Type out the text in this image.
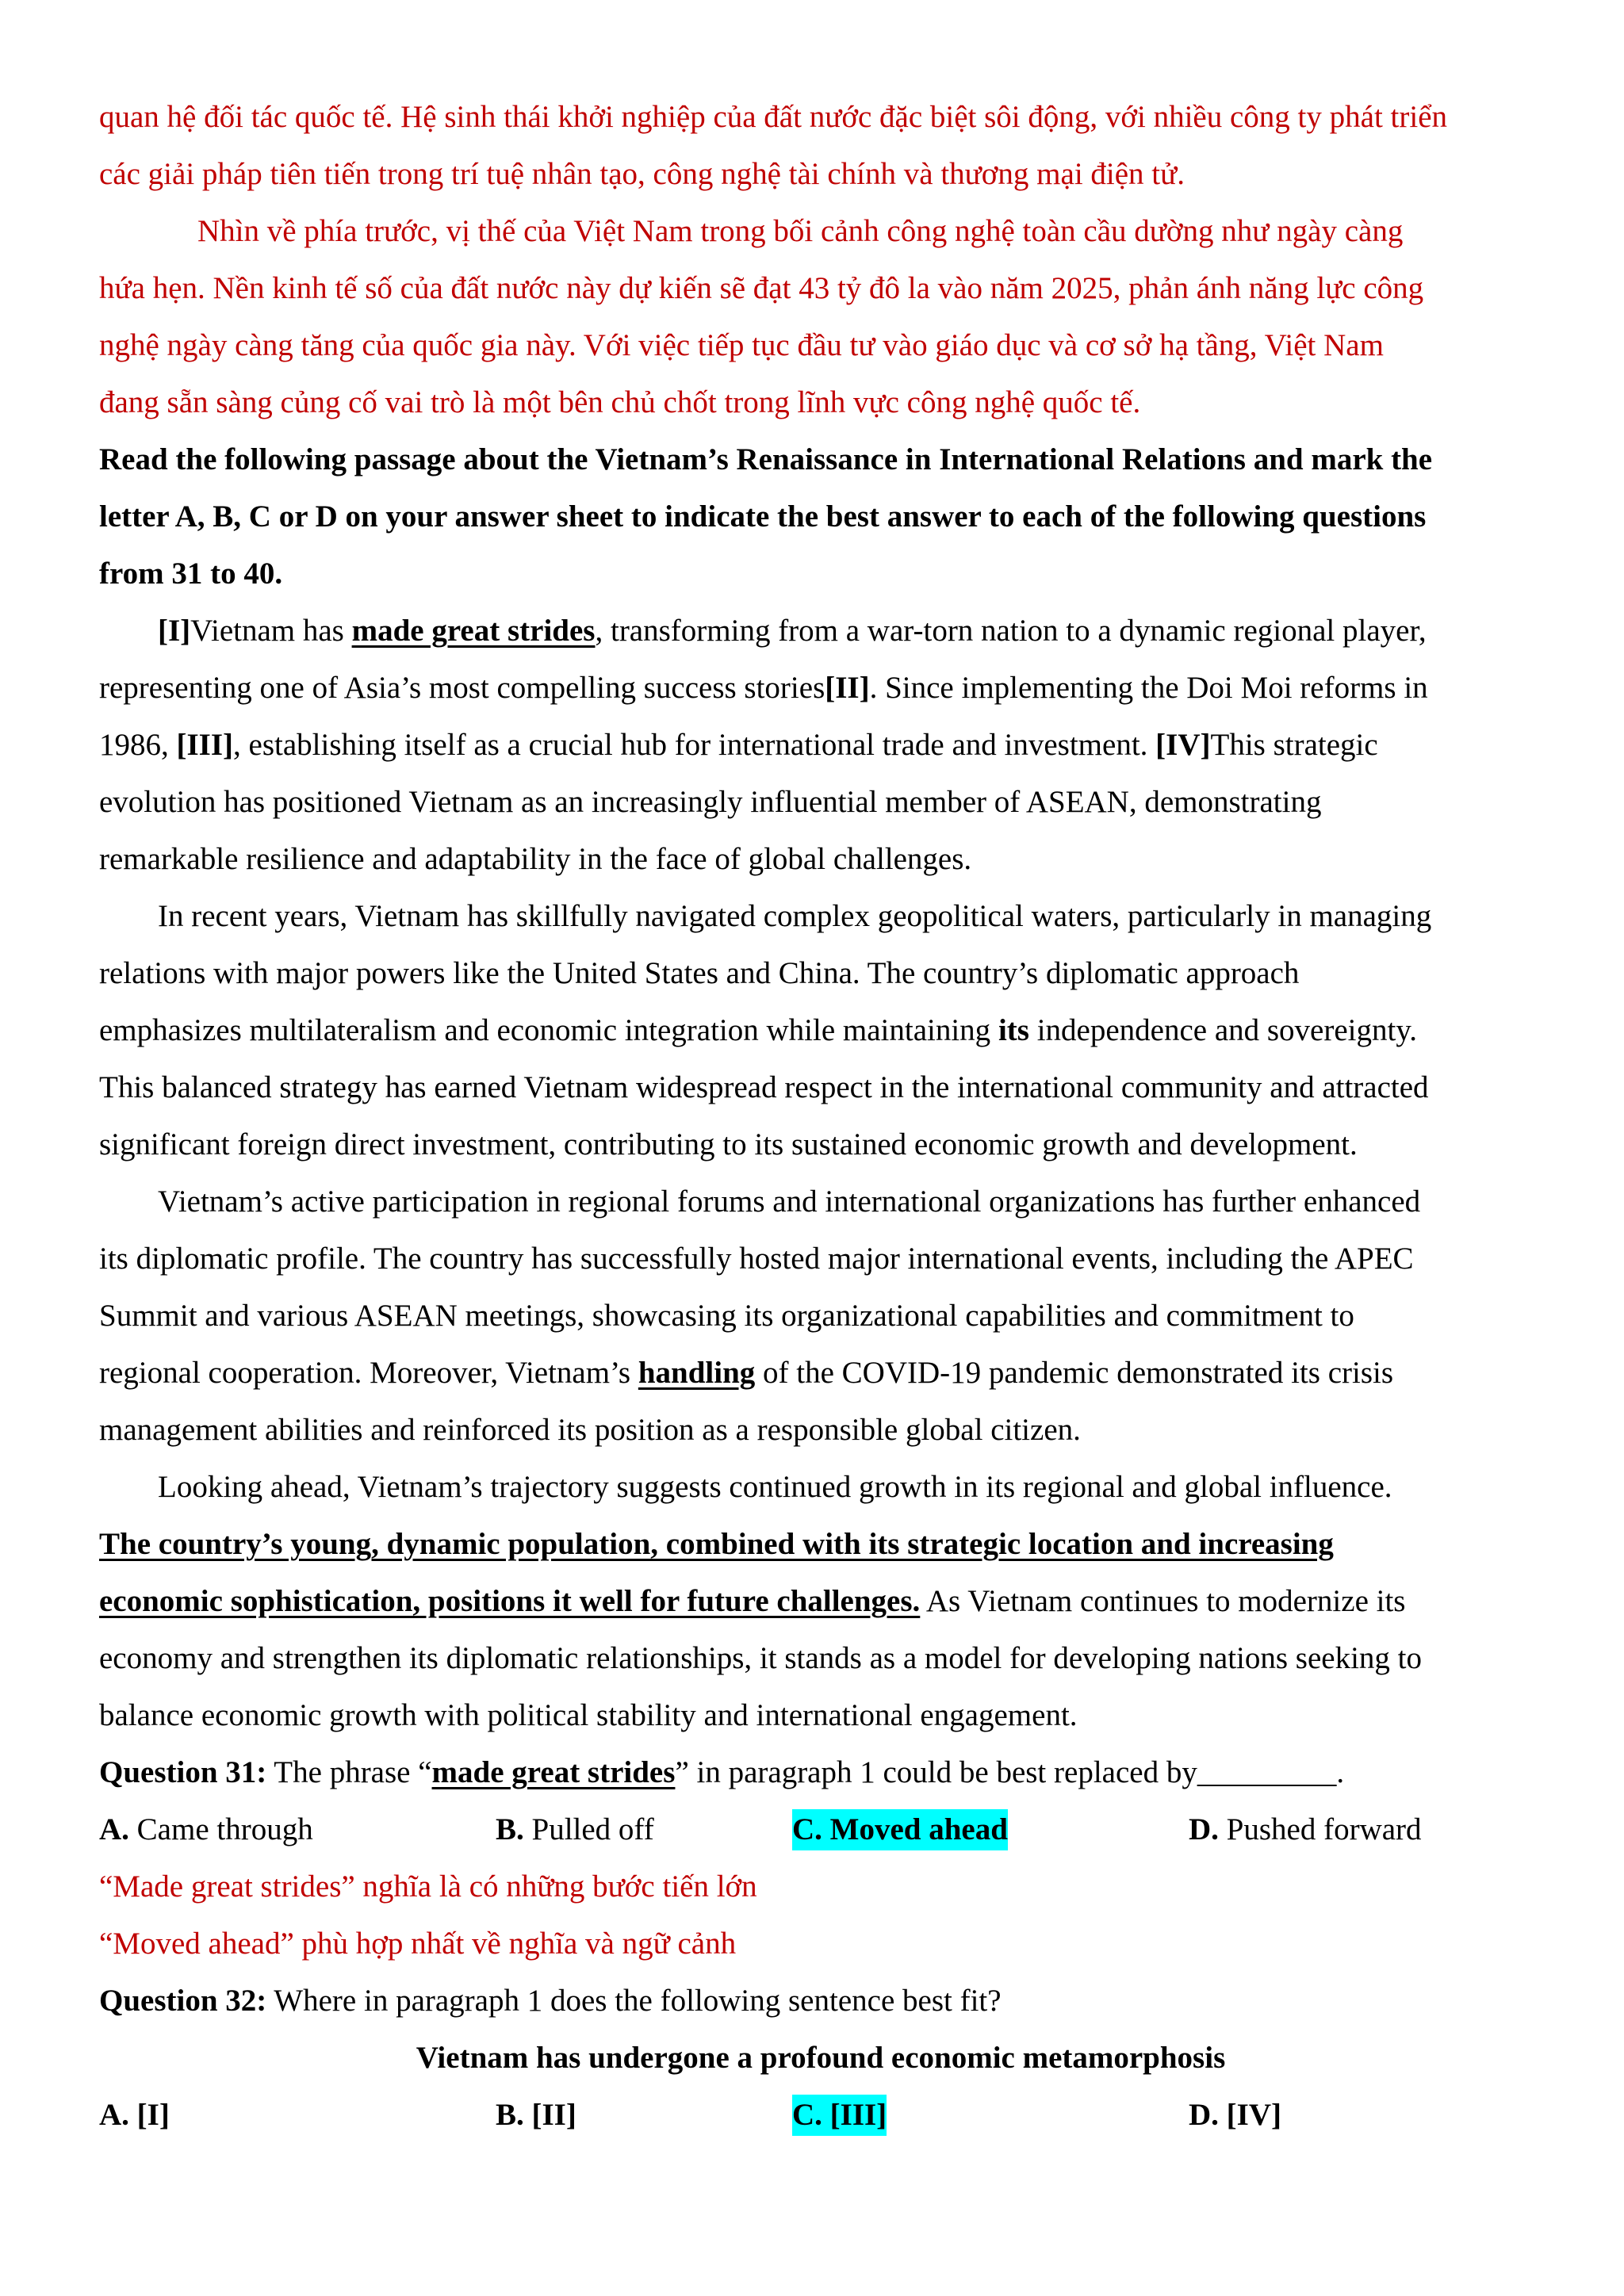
quan hệ đối tác quốc tế. Hệ sinh thái khởi nghiệp của đất nước đặc biệt sôi động, với nhiều công ty phát triển
các giải pháp tiên tiến trong trí tuệ nhân tạo, công nghệ tài chính và thương mại điện tử.
Nhìn về phía trước, vị thế của Việt Nam trong bối cảnh công nghệ toàn cầu dường như ngày càng
hứa hẹn. Nền kinh tế số của đất nước này dự kiến sẽ đạt 43 tỷ đô la vào năm 2025, phản ánh năng lực công
nghệ ngày càng tăng của quốc gia này. Với việc tiếp tục đầu tư vào giáo dục và cơ sở hạ tầng, Việt Nam
đang sẵn sàng củng cố vai trò là một bên chủ chốt trong lĩnh vực công nghệ quốc tế.
Read the following passage about the Vietnam’s Renaissance in International Relations and mark the
letter A, B, C or D on your answer sheet to indicate the best answer to each of the following questions
from 31 to 40.
[I]Vietnam has made great strides, transforming from a war-torn nation to a dynamic regional player,
representing one of Asia’s most compelling success stories[II]. Since implementing the Doi Moi reforms in
1986, [III], establishing itself as a crucial hub for international trade and investment. [IV]This strategic
evolution has positioned Vietnam as an increasingly influential member of ASEAN, demonstrating
remarkable resilience and adaptability in the face of global challenges.
In recent years, Vietnam has skillfully navigated complex geopolitical waters, particularly in managing
relations with major powers like the United States and China. The country’s diplomatic approach
emphasizes multilateralism and economic integration while maintaining its independence and sovereignty.
This balanced strategy has earned Vietnam widespread respect in the international community and attracted
significant foreign direct investment, contributing to its sustained economic growth and development.
Vietnam’s active participation in regional forums and international organizations has further enhanced
its diplomatic profile. The country has successfully hosted major international events, including the APEC
Summit and various ASEAN meetings, showcasing its organizational capabilities and commitment to
regional cooperation. Moreover, Vietnam’s handling of the COVID-19 pandemic demonstrated its crisis
management abilities and reinforced its position as a responsible global citizen.
Looking ahead, Vietnam’s trajectory suggests continued growth in its regional and global influence.
The country’s young, dynamic population, combined with its strategic location and increasing
economic sophistication, positions it well for future challenges. As Vietnam continues to modernize its
economy and strengthen its diplomatic relationships, it stands as a model for developing nations seeking to
balance economic growth with political stability and international engagement.
Question 31: The phrase “made great strides” in paragraph 1 could be best replaced by_________.
A. Came through	B. Pulled off	C. Moved ahead	D. Pushed forward
“Made great strides” nghĩa là có những bước tiến lớn
“Moved ahead” phù hợp nhất về nghĩa và ngữ cảnh
Question 32: Where in paragraph 1 does the following sentence best fit?
Vietnam has undergone a profound economic metamorphosis
A. [I]	B. [II]	C. [III]	D. [IV]
